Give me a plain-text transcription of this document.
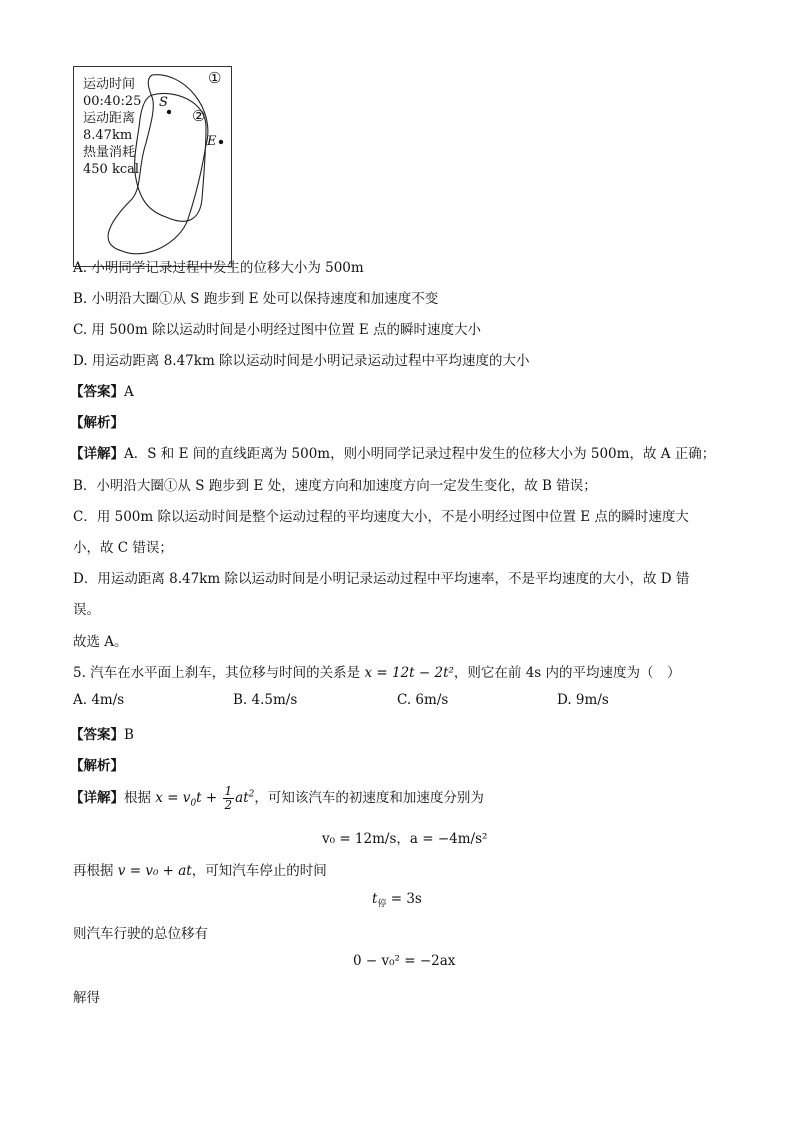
运动时间
00:40:25
运动距离
8.47km
热量消耗
450 kcal
S
E
①
②
A. 小明同学记录过程中发生的位移大小为 500m
B. 小明沿大圈①从 S 跑步到 E 处可以保持速度和加速度不变
C. 用 500m 除以运动时间是小明经过图中位置 E 点的瞬时速度大小
D. 用运动距离 8.47km 除以运动时间是小明记录运动过程中平均速度的大小
【答案】A
【解析】
【详解】A．S 和 E 间的直线距离为 500m，则小明同学记录过程中发生的位移大小为 500m，故 A 正确；
B．小明沿大圈①从 S 跑步到 E 处，速度方向和加速度方向一定发生变化，故 B 错误；
C．用 500m 除以运动时间是整个运动过程的平均速度大小，不是小明经过图中位置 E 点的瞬时速度大
小，故 C 错误；
D．用运动距离 8.47km 除以运动时间是小明记录运动过程中平均速率，不是平均速度的大小，故 D 错
误。
故选 A。
5. 汽车在水平面上刹车，其位移与时间的关系是 x = 12t − 2t²，则它在前 4s 内的平均速度为（　）
A. 4m/s	B. 4.5m/s	C. 6m/s	D. 9m/s
【答案】B
【解析】
【详解】根据 $x = v_0t + \frac{1}{2} at^2$，可知该汽车的初速度和加速度分别为
v₀ = 12m/s，a = −4m/s²
再根据 v = v₀ + at，可知汽车停止的时间
$t_停 = 3s$
则汽车行驶的总位移有
0 − v₀² = −2ax
解得
